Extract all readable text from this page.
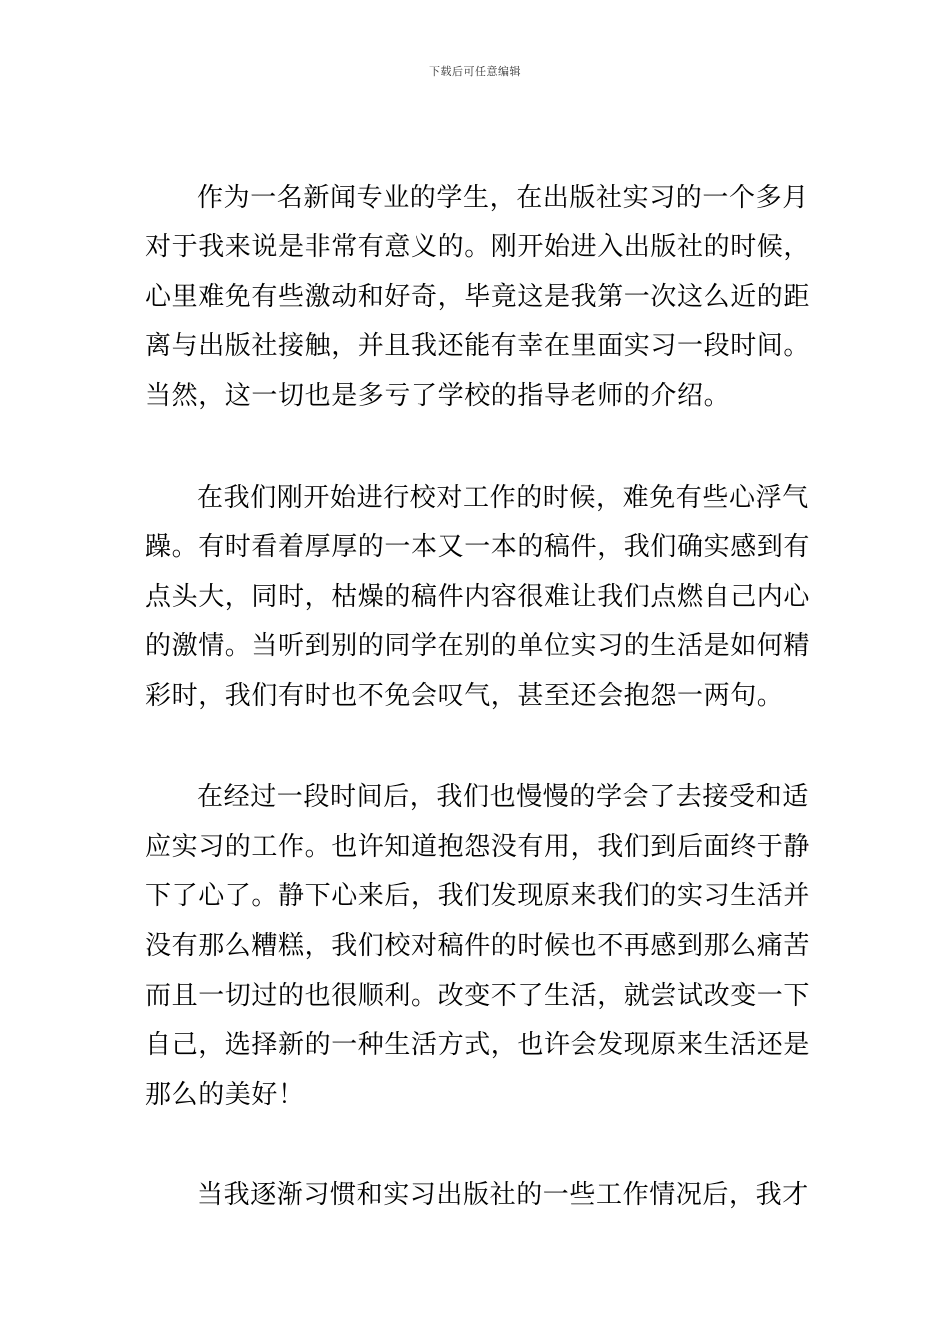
下载后可任意编辑
作为一名新闻专业的学生，在出版社实习的一个多月
对于我来说是非常有意义的。刚开始进入出版社的时候，
心里难免有些激动和好奇，毕竟这是我第一次这么近的距
离与出版社接触，并且我还能有幸在里面实习一段时间。
当然，这一切也是多亏了学校的指导老师的介绍。
在我们刚开始进行校对工作的时候，难免有些心浮气
躁。有时看着厚厚的一本又一本的稿件，我们确实感到有
点头大，同时，枯燥的稿件内容很难让我们点燃自己内心
的激情。当听到别的同学在别的单位实习的生活是如何精
彩时，我们有时也不免会叹气，甚至还会抱怨一两句。
在经过一段时间后，我们也慢慢的学会了去接受和适
应实习的工作。也许知道抱怨没有用，我们到后面终于静
下了心了。静下心来后，我们发现原来我们的实习生活并
没有那么糟糕，我们校对稿件的时候也不再感到那么痛苦
而且一切过的也很顺利。改变不了生活，就尝试改变一下
自己，选择新的一种生活方式，也许会发现原来生活还是
那么的美好！
当我逐渐习惯和实习出版社的一些工作情况后，我才
